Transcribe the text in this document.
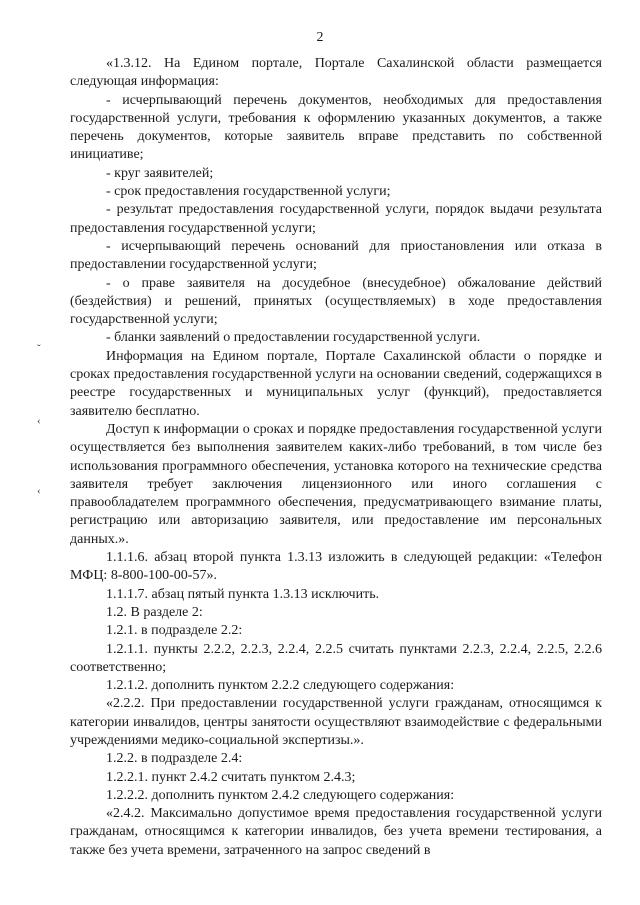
2
ˇ
‹
‹

«1.3.12. На Едином портале, Портале Сахалинской области размещается следующая информация:

- исчерпывающий перечень документов, необходимых для предоставления государственной услуги, требования к оформлению указанных документов, а также перечень документов, которые заявитель вправе представить по собственной инициативе;

- круг заявителей;

- срок предоставления государственной услуги;

- результат предоставления государственной услуги, порядок выдачи результата предоставления государственной услуги;

- исчерпывающий перечень оснований для приостановления или отказа в предоставлении государственной услуги;

- о праве заявителя на досудебное (внесудебное) обжалование действий (бездействия) и решений, принятых (осуществляемых) в ходе предоставления государственной услуги;

- бланки заявлений о предоставлении государственной услуги.

Информация на Едином портале, Портале Сахалинской области о порядке и сроках предоставления государственной услуги на основании сведений, содержащихся в реестре государственных и муниципальных услуг (функций), предоставляется заявителю бесплатно.

Доступ к информации о сроках и порядке предоставления государственной услуги осуществляется без выполнения заявителем каких-либо требований, в том числе без использования программного обеспечения, установка которого на технические средства заявителя требует заключения лицензионного или иного соглашения с правообладателем программного обеспечения, предусматривающего взимание платы, регистрацию или авторизацию заявителя, или предоставление им персональных данных.».

1.1.1.6. абзац второй пункта 1.3.13 изложить в следующей редакции: «Телефон МФЦ: 8-800-100-00-57».

1.1.1.7. абзац пятый пункта 1.3.13 исключить.

1.2. В разделе 2:

1.2.1. в подразделе 2.2:

1.2.1.1. пункты 2.2.2, 2.2.3, 2.2.4, 2.2.5 считать пунктами 2.2.3, 2.2.4, 2.2.5, 2.2.6 соответственно;

1.2.1.2. дополнить пунктом 2.2.2 следующего содержания:

«2.2.2. При предоставлении государственной услуги гражданам, относящимся к категории инвалидов, центры занятости осуществляют взаимодействие с федеральными учреждениями медико-социальной экспертизы.».

1.2.2. в подразделе 2.4:

1.2.2.1. пункт 2.4.2 считать пунктом 2.4.3;

1.2.2.2. дополнить пунктом 2.4.2 следующего содержания:

«2.4.2. Максимально допустимое время предоставления государственной услуги гражданам, относящимся к категории инвалидов, без учета времени тестирования, а также без учета времени, затраченного на запрос сведений в
